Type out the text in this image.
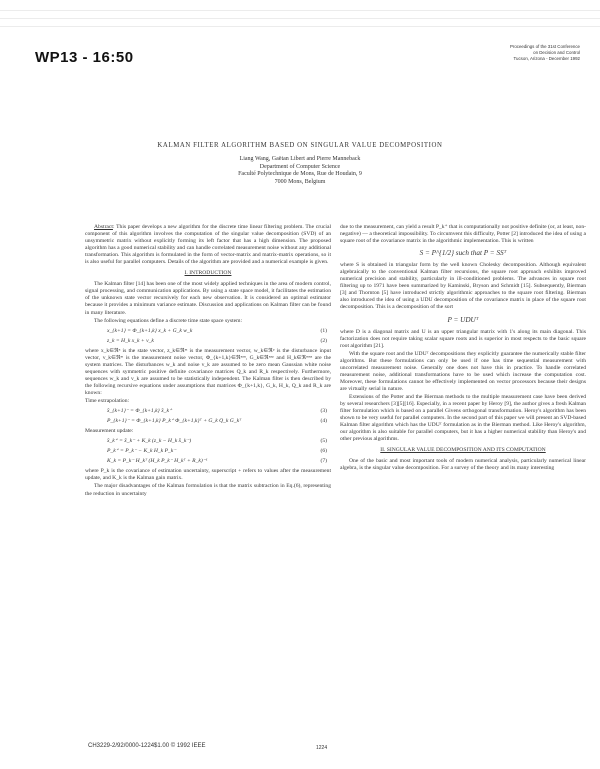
WP13 - 16:50
Proceedings of the 31st Conference
on Decision and Control
Tucson, Arizona - December 1992
KALMAN FILTER ALGORITHM BASED ON SINGULAR VALUE DECOMPOSITION
Liang Wang, Gaëtan Libert and Pierre Manneback
Department of Computer Science
Faculté Polytechnique de Mons, Rue de Houdain, 9
7000 Mons, Belgium

Abstract: This paper develops a new algorithm for the discrete time linear filtering problem. The crucial component of this algorithm involves the computation of the singular value decomposition (SVD) of an unsymmetric matrix without explicitly forming its left factor that has a high dimension. The proposed algorithm has a good numerical stability and can handle correlated measurement noise without any additional transformation. This algorithm is formulated in the form of vector-matrix and matrix-matrix operations, so it is also useful for parallel computers. Details of the algorithm are provided and a numerical example is given.

I. INTRODUCTION

The Kalman filter [14] has been one of the most widely applied techniques in the area of modern control, signal processing, and communication applications. By using a state space model, it facilitates the estimation of the unknown state vector recursively for each new observation. It is considered an optimal estimator because it provides a minimum variance estimate. Discussion and applications on Kalman filter can be found in many literature.

The following equations define a discrete time state space system:

x_{k+1} = Φ_{k+1,k} x_k + G_k w_k	(1)
z_k = H_k x_k + v_k	(2)

where x_k∈ℜⁿ is the state vector, z_k∈ℜᵐ is the measurement vector, w_k∈ℜᵖ is the disturbance input vector, v_k∈ℜᵐ is the measurement noise vector, Φ_{k+1,k}∈ℜⁿˣⁿ, G_k∈ℜⁿˣᵖ and H_k∈ℜᵐˣⁿ are the system matrices. The disturbances w_k and noise v_k are assumed to be zero mean Gaussian white noise sequences with symmetric positive definite covariance matrices Q_k and R_k respectively. Furthermore, sequences w_k and v_k are assumed to be statistically independent. The Kalman filter is then described by the following recursive equations under assumptions that matrices Φ_{k+1,k}, G_k, H_k, Q_k and R_k are known:

Time extrapolation:

x̂_{k+1}⁻ = Φ_{k+1,k} x̂_k⁺	(3)
P_{k+1}⁻ = Φ_{k+1,k} P_k⁺ Φ_{k+1,k}ᵀ + G_k Q_k G_kᵀ	(4)

Measurement update:

x̂_k⁺ = x̂_k⁻ + K_k (z_k − H_k x̂_k⁻)	(5)
P_k⁺ = P_k⁻ − K_k H_k P_k⁻	(6)
K_k = P_k⁻ H_kᵀ (H_k P_k⁻ H_kᵀ + R_k)⁻¹	(7)

where P_k is the covariance of estimation uncertainty, superscript + refers to values after the measurement update, and K_k is the Kalman gain matrix.

The major disadvantages of the Kalman formulation is that the matrix subtraction in Eq.(6), representing the reduction in uncertainty

due to the measurement, can yield a result P_k⁺ that is computationally not positive definite (or, at least, non-negative) — a theoretical impossibility. To circumvent this difficulty, Potter [2] introduced the idea of using a square root of the covariance matrix in the algorithmic implementation. This is written

S = P^{1/2} such that P = SSᵀ

where S is obtained in triangular form by the well known Cholesky decomposition. Although equivalent algebraically to the conventional Kalman filter recursions, the square root approach exhibits improved numerical precision and stability, particularly in ill-conditioned problems. The advances in square root filtering up to 1971 have been summarized by Kaminski, Bryson and Schmidt [15]. Subsequently, Bierman [3] and Thornton [5] have introduced strictly algorithmic approaches to the square root filtering. Bierman also introduced the idea of using a UDU decomposition of the covariance matrix in place of the square root decomposition. This is a decomposition of the sort

P = UDUᵀ

where D is a diagonal matrix and U is an upper triangular matrix with 1's along its main diagonal. This factorization does not require taking scalar square roots and is superior in most respects to the basic square root algorithm [21].

With the square root and the UDUᵀ decompositions they explicitly guarantee the numerically stable filter algorithms. But these formulations can only be used if one has time sequential measurement with uncorrelated measurement noise. Generally one does not have this in practice. To handle correlated measurement noise, additional transformations have to be used which increase the computation cost. Moreover, these formulations cannot be effectively implemented on vector processors because their designs are virtually serial in nature.

Extensions of the Potter and the Bierman methods to the multiple measurement case have been derived by several researchers [3][5][16]. Especially, in a recent paper by Heroy [9], the author gives a fresh Kalman filter formulation which is based on a parallel Givens orthogonal transformation. Heroy's algorithm has been shown to be very useful for parallel computers. In the second part of this paper we will present an SVD-based Kalman filter algorithm which has the UDUᵀ formulation as in the Bierman method. Like Heroy's algorithm, our algorithm is also suitable for parallel computers, but it has a higher numerical stability than Heroy's and other previous algorithms.

II. SINGULAR VALUE DECOMPOSITION AND ITS COMPUTATION

One of the basic and most important tools of modern numerical analysis, particularly numerical linear algebra, is the singular value decomposition. For a survey of the theory and its many interesting

CH3229-2/92/0000-1224$1.00 © 1992 IEEE	1224
